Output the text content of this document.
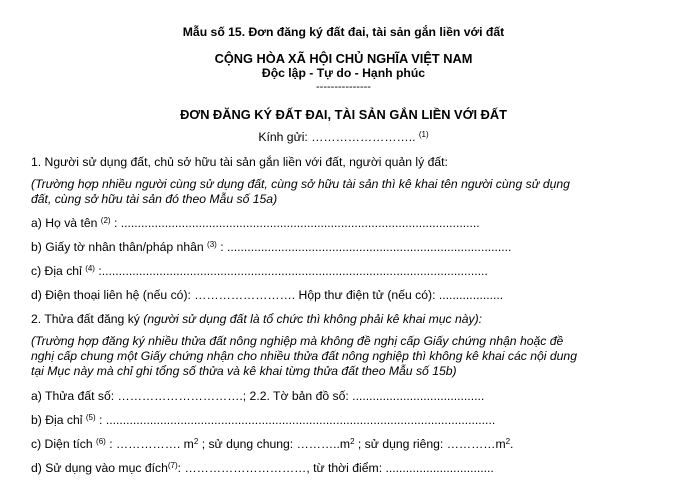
Mẫu số 15. Đơn đăng ký đất đai, tài sản gắn liền với đất
CỘNG HÒA XÃ HỘI CHỦ NGHĨA VIỆT NAM
Độc lập - Tự do - Hạnh phúc
---------------
ĐƠN ĐĂNG KÝ ĐẤT ĐAI, TÀI SẢN GẮN LIỀN VỚI ĐẤT
Kính gửi: …………………….. $^{(1)}$
1. Người sử dụng đất, chủ sở hữu tài sản gắn liền với đất, người quản lý đất:
(Trường hợp nhiều người cùng sử dụng đất, cùng sở hữu tài sản thì kê khai tên người cùng sử dụng
đất, cùng sở hữu tài sản đó theo Mẫu số 15a)
a) Họ và tên $^{(2)}$ : ..........................................................................................................
b) Giấy tờ nhân thân/pháp nhân $^{(3)}$ : ....................................................................................
c) Địa chỉ $^{(4)}$ :..................................................................................................................
d) Điện thoại liên hệ (nếu có): ……………………. Hộp thư điện tử (nếu có): ...................
2. Thửa đất đăng ký (người sử dụng đất là tổ chức thì không phải kê khai mục này):
(Trường hợp đăng ký nhiều thửa đất nông nghiệp mà không đề nghị cấp Giấy chứng nhận hoặc đề
nghị cấp chung một Giấy chứng nhận cho nhiều thửa đất nông nghiệp thì không kê khai các nội dung
tại Mục này mà chỉ ghi tổng số thửa và kê khai từng thửa đất theo Mẫu số 15b)
a) Thửa đất số: ………………………….; 2.2. Tờ bản đồ số: .......................................
b) Địa chỉ $^{(5)}$ : ...................................................................................................................
c) Diện tích $^{(6)}$ : ……………. $m^2$ ; sử dụng chung: $\dots\dots\dots..m^2$ ; sử dụng riêng: $\dots\dots\dots\dots m^2$.
d) Sử dụng vào mục đích$^{(7)}$: …………………………, từ thời điểm: ................................
